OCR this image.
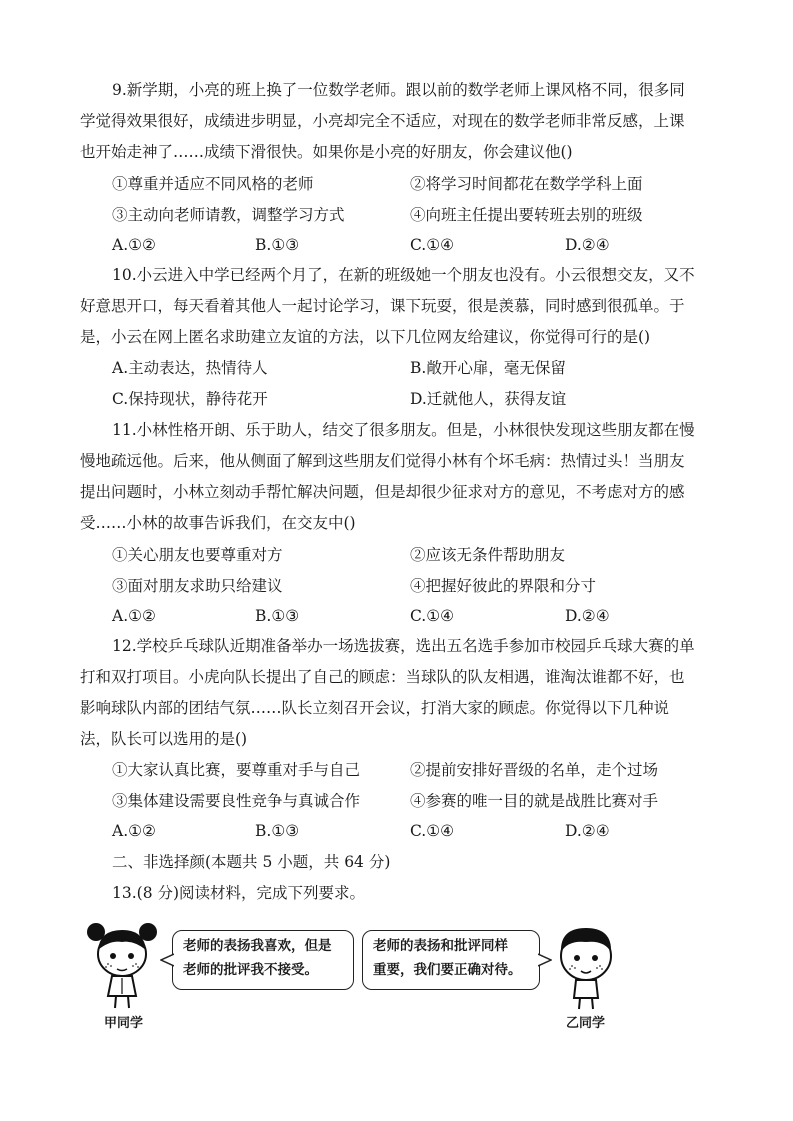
9.新学期，小亮的班上换了一位数学老师。跟以前的数学老师上课风格不同，很多同
学觉得效果很好，成绩进步明显，小亮却完全不适应，对现在的数学老师非常反感，上课
也开始走神了……成绩下滑很快。如果你是小亮的好朋友，你会建议他()
①尊重并适应不同风格的老师	②将学习时间都花在数学学科上面
③主动向老师请教，调整学习方式	④向班主任提出要转班去别的班级
A.①②	B.①③	C.①④	D.②④
10.小云进入中学已经两个月了，在新的班级她一个朋友也没有。小云很想交友，又不
好意思开口，每天看着其他人一起讨论学习，课下玩耍，很是羡慕，同时感到很孤单。于
是，小云在网上匿名求助建立友谊的方法，以下几位网友给建议，你觉得可行的是()
A.主动表达，热情待人	B.敞开心扉，毫无保留
C.保持现状，静待花开	D.迁就他人，获得友谊
11.小林性格开朗、乐于助人，结交了很多朋友。但是，小林很快发现这些朋友都在慢
慢地疏远他。后来，他从侧面了解到这些朋友们觉得小林有个坏毛病：热情过头！当朋友
提出问题时，小林立刻动手帮忙解决问题，但是却很少征求对方的意见，不考虑对方的感
受……小林的故事告诉我们，在交友中()
①关心朋友也要尊重对方	②应该无条件帮助朋友
③面对朋友求助只给建议	④把握好彼此的界限和分寸
A.①②	B.①③	C.①④	D.②④
12.学校乒乓球队近期准备举办一场选拔赛，选出五名选手参加市校园乒乓球大赛的单
打和双打项目。小虎向队长提出了自己的顾虑：当球队的队友相遇，谁淘汰谁都不好，也
影响球队内部的团结气氛……队长立刻召开会议，打消大家的顾虑。你觉得以下几种说
法，队长可以选用的是()
①大家认真比赛，要尊重对手与自己	②提前安排好晋级的名单，走个过场
③集体建设需要良性竞争与真诚合作	④参赛的唯一目的就是战胜比赛对手
A.①②	B.①③	C.①④	D.②④
二、非选择颜(本题共 5 小题，共 64 分)
13.(8 分)阅读材料，完成下列要求。
甲同学
老师的表扬我喜欢，但是
老师的批评我不接受。
老师的表扬和批评同样
重要，我们要正确对待。
乙同学
